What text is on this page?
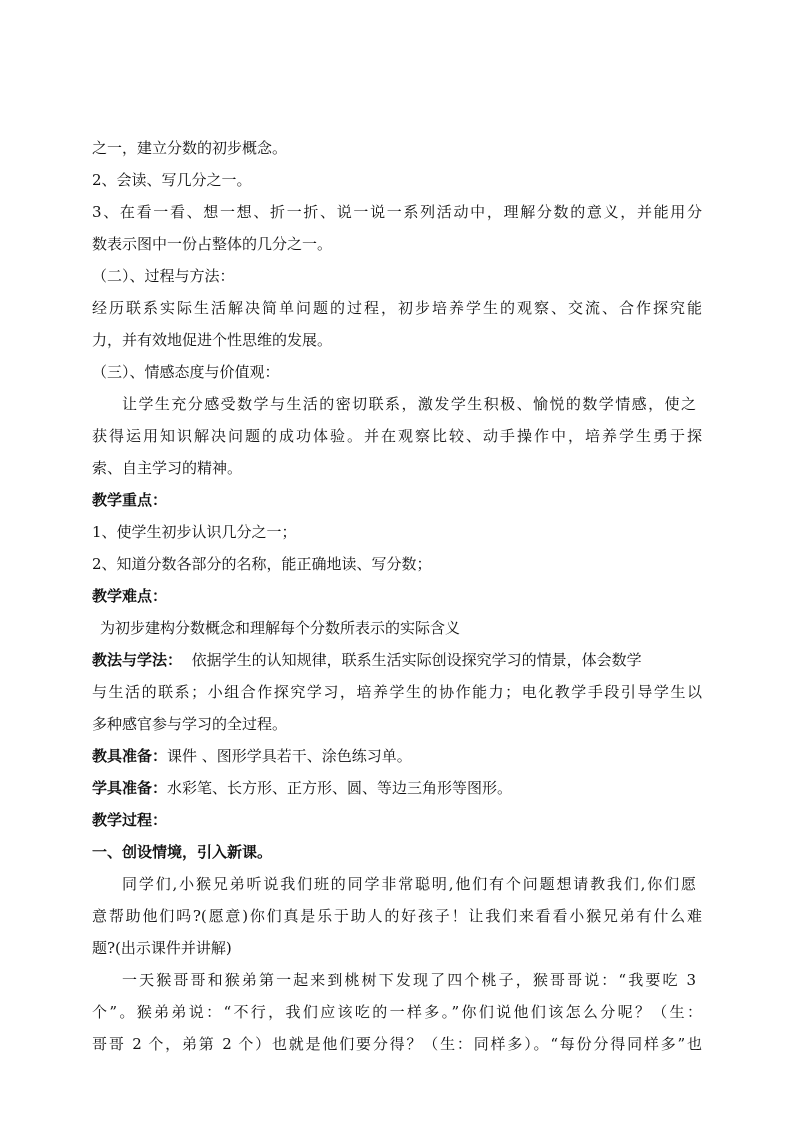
之一，建立分数的初步概念。
2、会读、写几分之一。
3、在看一看、想一想、折一折、说一说一系列活动中，理解分数的意义，并能用分
数表示图中一份占整体的几分之一。
（二）、过程与方法：
经历联系实际生活解决简单问题的过程，初步培养学生的观察、交流、合作探究能
力，并有效地促进个性思维的发展。
（三）、情感态度与价值观：
让学生充分感受数学与生活的密切联系，激发学生积极、愉悦的数学情感，使之
获得运用知识解决问题的成功体验。并在观察比较、动手操作中，培养学生勇于探
索、自主学习的精神。
教学重点：
1、使学生初步认识几分之一；
2、知道分数各部分的名称，能正确地读、写分数；
教学难点：
为初步建构分数概念和理解每个分数所表示的实际含义
教法与学法： 依据学生的认知规律，联系生活实际创设探究学习的情景，体会数学
与生活的联系；小组合作探究学习，培养学生的协作能力；电化教学手段引导学生以
多种感官参与学习的全过程。
教具准备：课件 、图形学具若干、涂色练习单。
学具准备：水彩笔、长方形、正方形、圆、等边三角形等图形。
教学过程：
一、创设情境，引入新课。
同学们,小猴兄弟听说我们班的同学非常聪明,他们有个问题想请教我们,你们愿
意帮助他们吗?(愿意)你们真是乐于助人的好孩子！让我们来看看小猴兄弟有什么难
题?(出示课件并讲解)
一天猴哥哥和猴弟第一起来到桃树下发现了四个桃子，猴哥哥说：“我要吃 3
个”。猴弟弟说：“不行，我们应该吃的一样多。”你们说他们该怎么分呢？（生：
哥哥 2 个，弟第 2 个）也就是他们要分得？（生：同样多）。“每份分得同样多”也
